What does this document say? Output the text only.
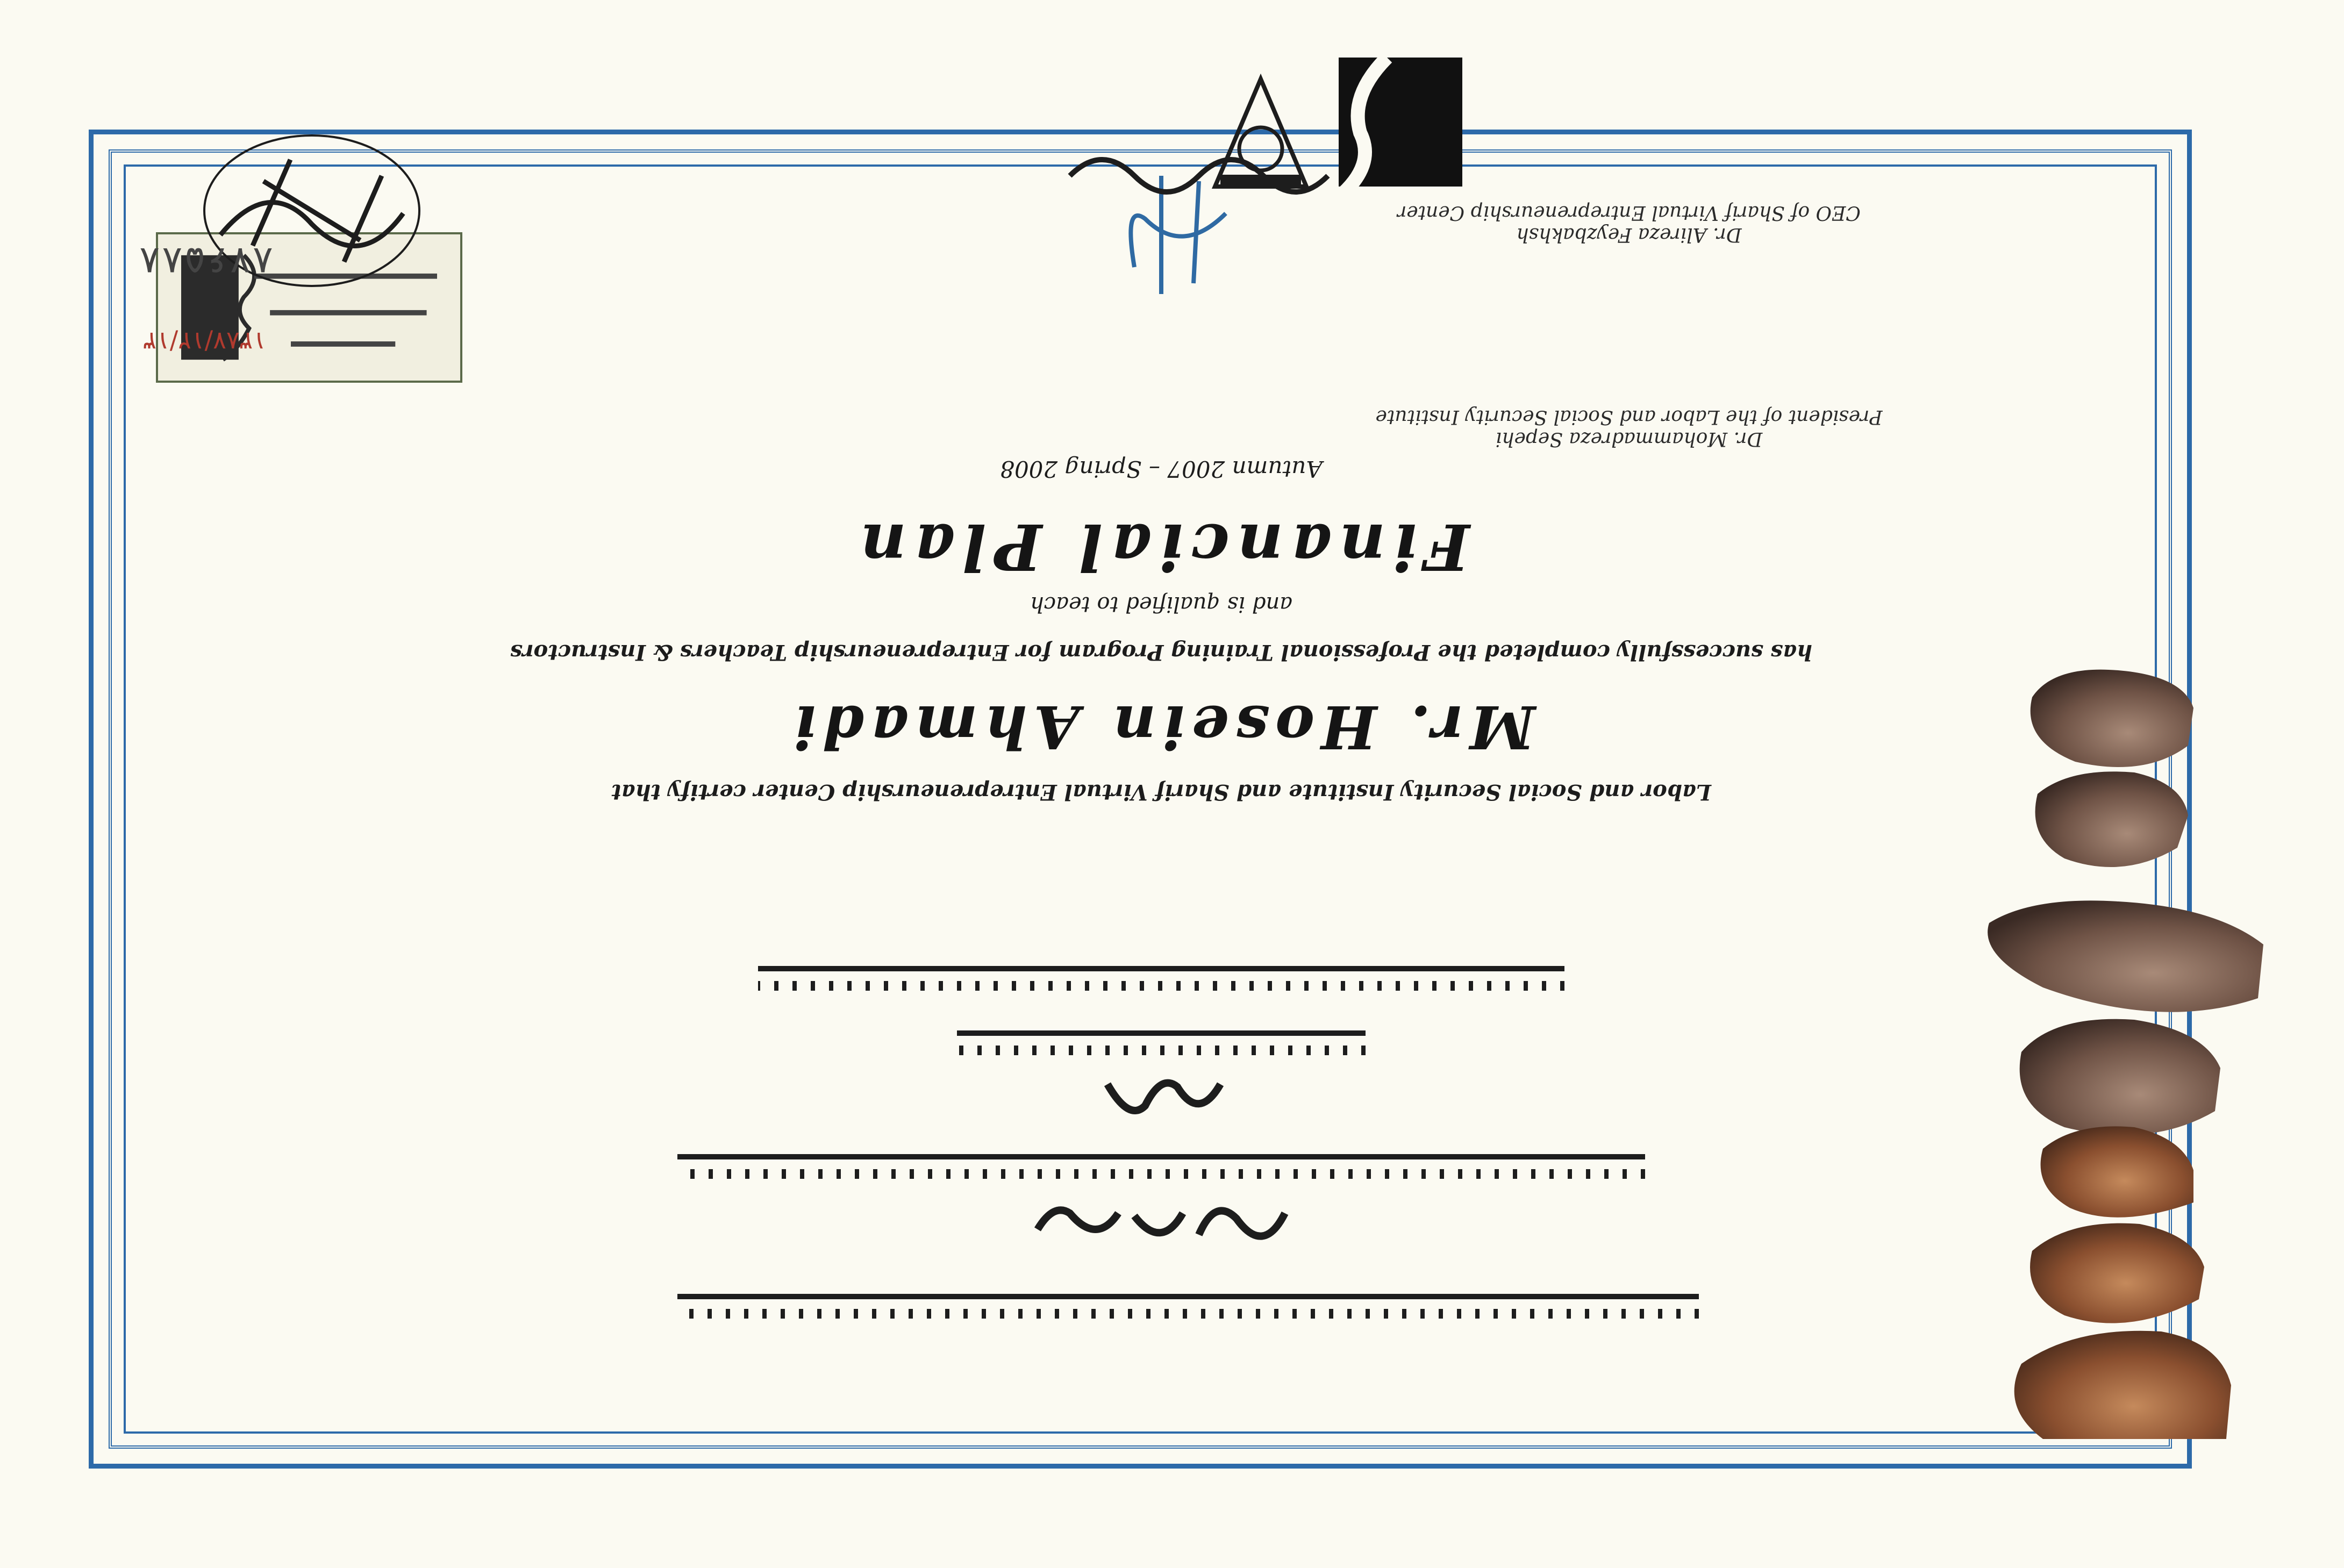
Labor and Social Security Institute and Sharif Virtual Entrepreneurship Center certify that
Mr. Hosein Ahmadi
has successfully completed the Professional Training Program for Entrepreneurship Teachers & Instructors
and is qualified to teach
Financial Plan
Autumn 2007 – Spring 2008
Dr. Mohammadreza Sepehi
President of the Labor and Social Security Institute
Dr. Alireza Feyzbakhsh
CEO of Sharif Virtual Entrepreneurship Center
۱۳۸۷/۱۲/۱۳
۸۷۶۵۸۸
